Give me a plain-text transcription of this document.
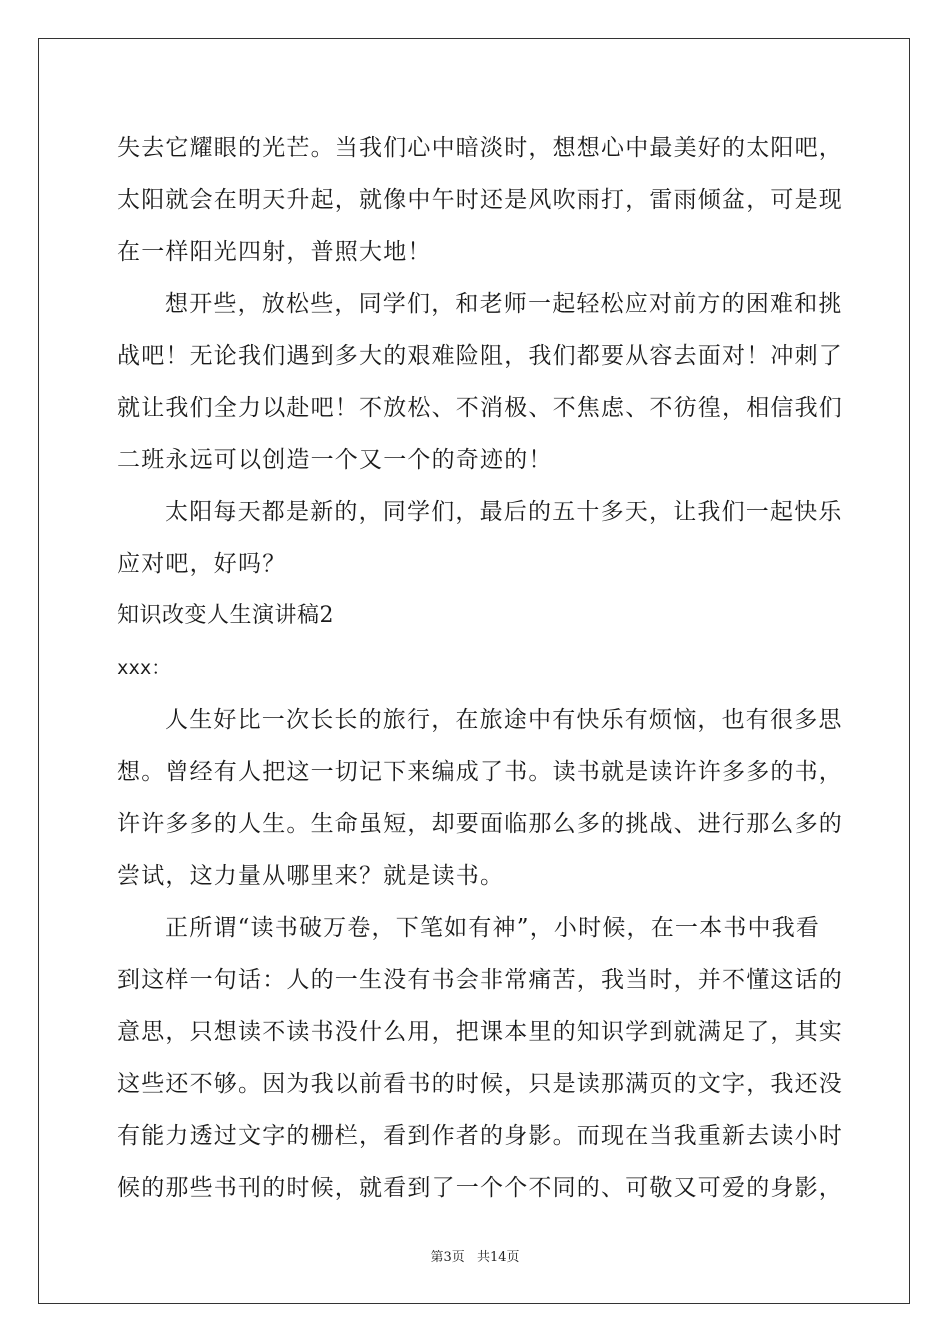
失去它耀眼的光芒。当我们心中暗淡时，想想心中最美好的太阳吧，
太阳就会在明天升起，就像中午时还是风吹雨打，雷雨倾盆，可是现
在一样阳光四射，普照大地！
想开些，放松些，同学们，和老师一起轻松应对前方的困难和挑
战吧！无论我们遇到多大的艰难险阻，我们都要从容去面对！冲刺了
就让我们全力以赴吧！不放松、不消极、不焦虑、不彷徨，相信我们
二班永远可以创造一个又一个的奇迹的！
太阳每天都是新的，同学们，最后的五十多天，让我们一起快乐
应对吧，好吗？
知识改变人生演讲稿2
xxx：
人生好比一次长长的旅行，在旅途中有快乐有烦恼，也有很多思
想。曾经有人把这一切记下来编成了书。读书就是读许许多多的书，
许许多多的人生。生命虽短，却要面临那么多的挑战、进行那么多的
尝试，这力量从哪里来？就是读书。
正所谓“读书破万卷，下笔如有神”，小时候，在一本书中我看
到这样一句话：人的一生没有书会非常痛苦，我当时，并不懂这话的
意思，只想读不读书没什么用，把课本里的知识学到就满足了，其实
这些还不够。因为我以前看书的时候，只是读那满页的文字，我还没
有能力透过文字的栅栏，看到作者的身影。而现在当我重新去读小时
候的那些书刊的时候，就看到了一个个不同的、可敬又可爱的身影，
第3页 共14页
